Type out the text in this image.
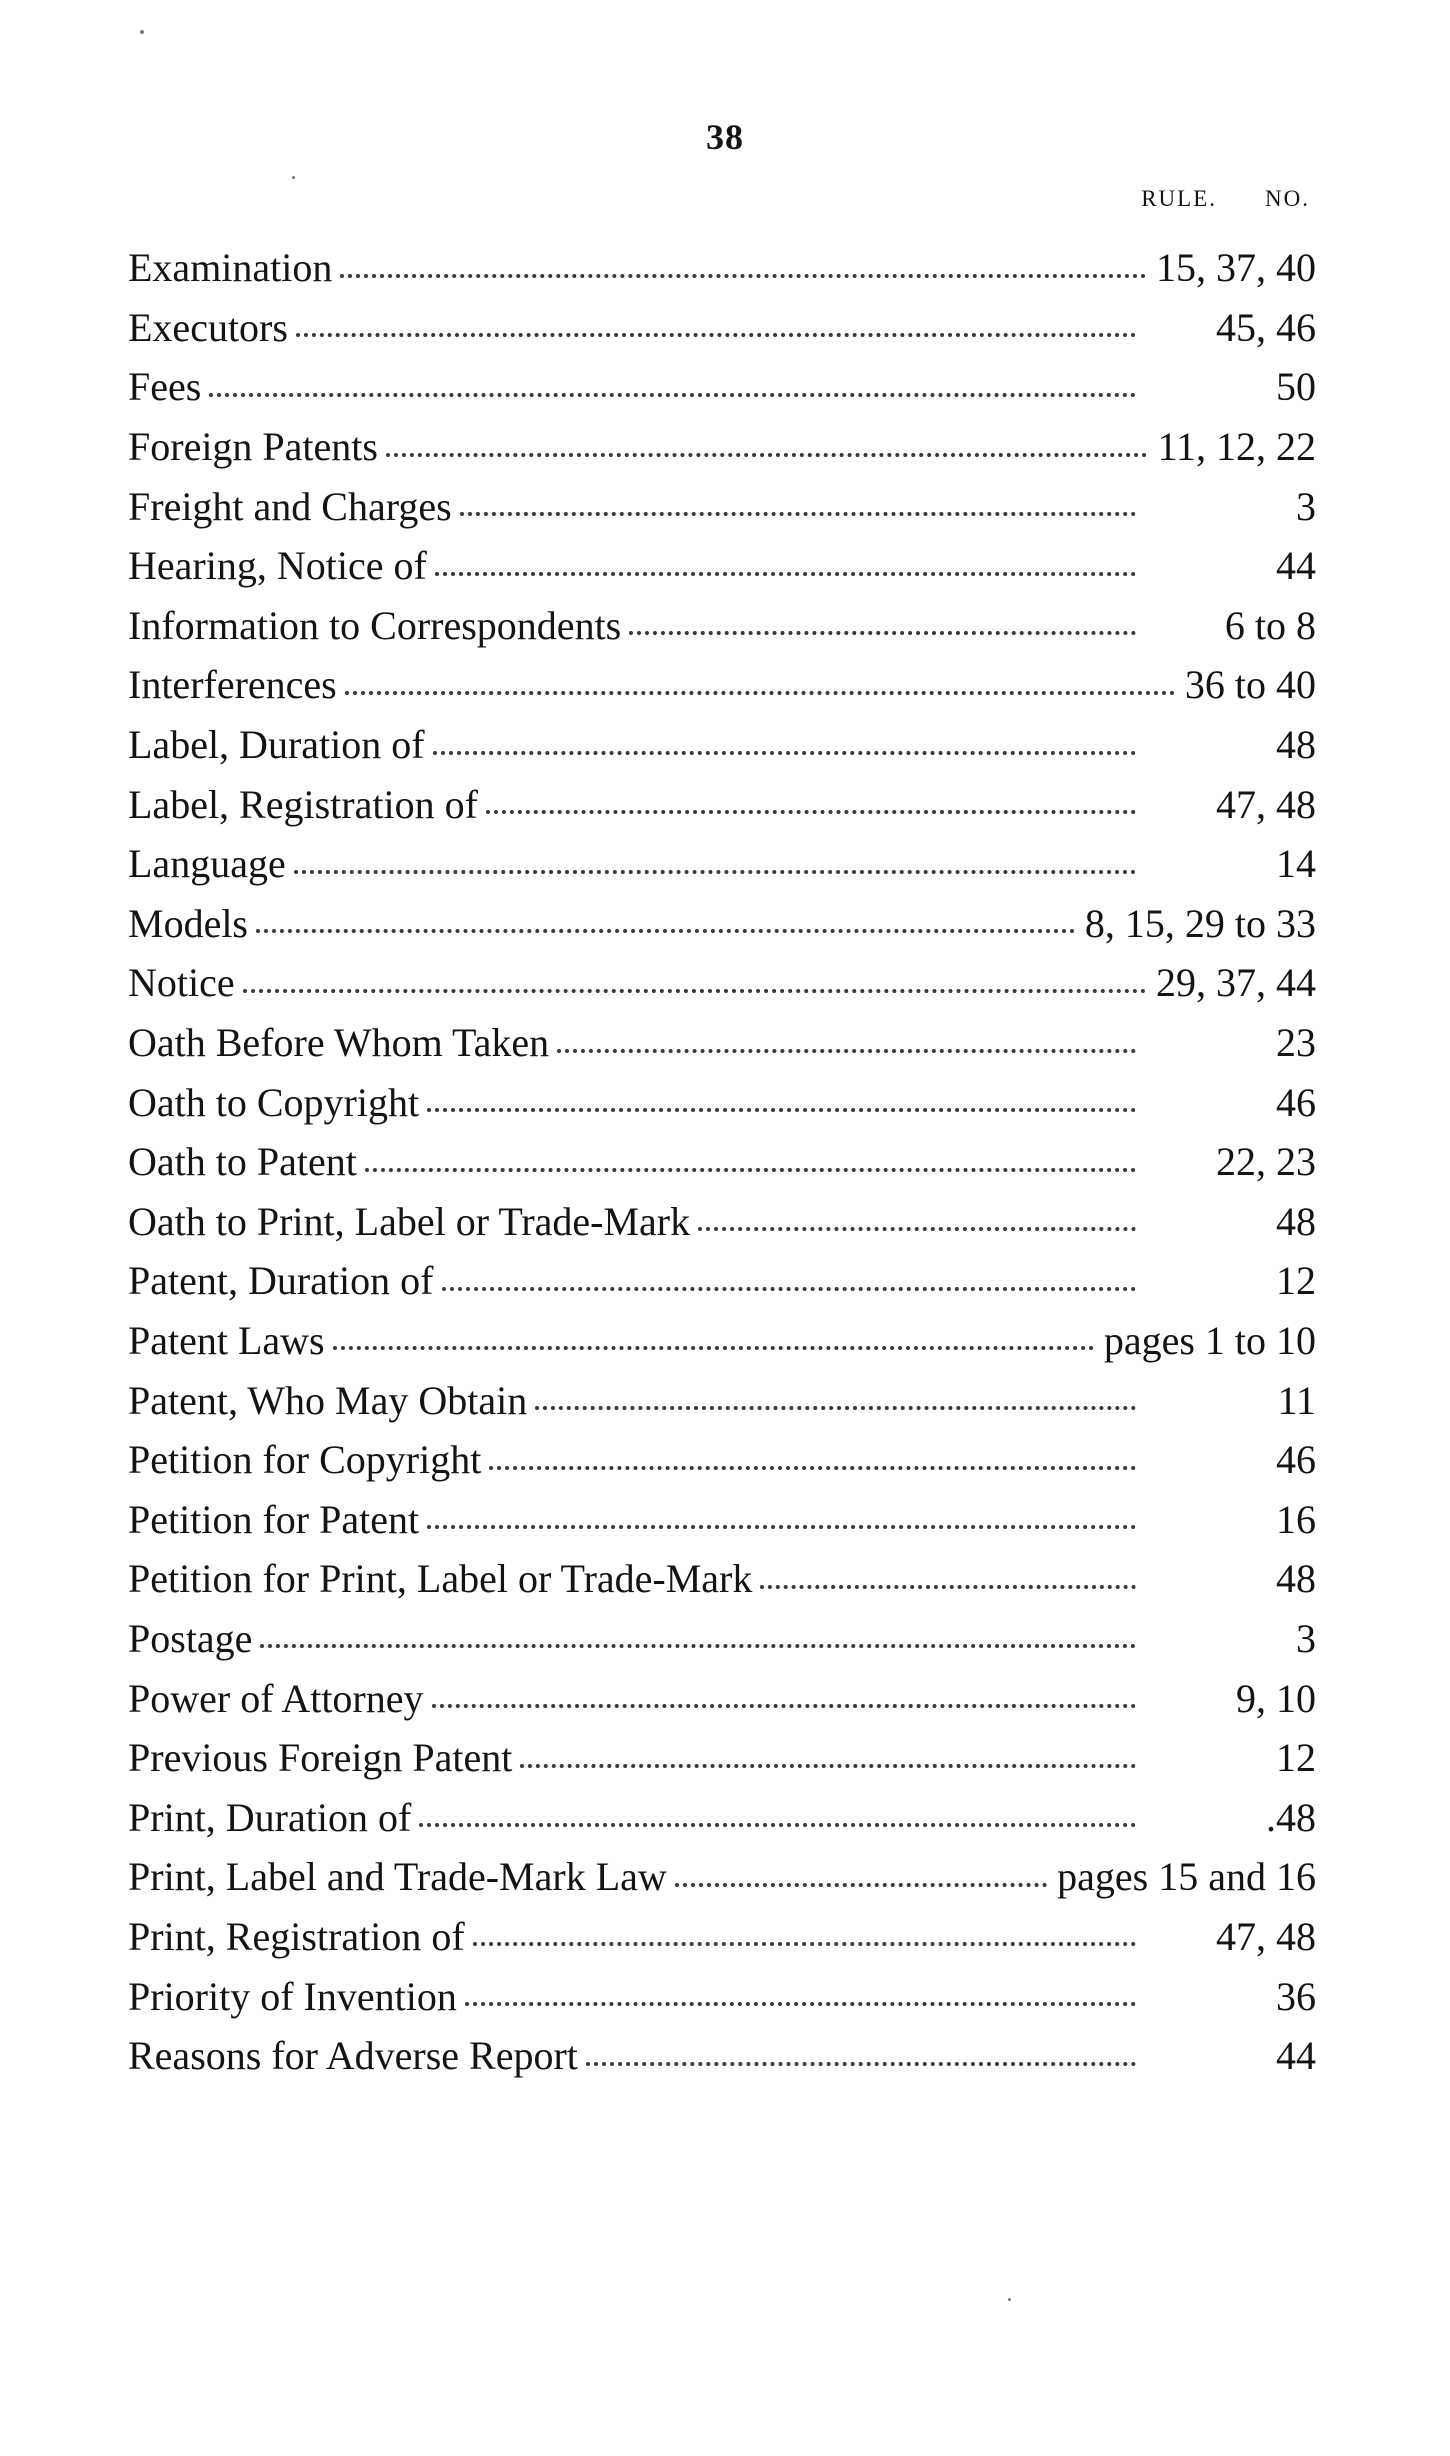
38
RULE. NO.
Examination	15, 37, 40
Executors	45, 46
Fees	50
Foreign Patents	11, 12, 22
Freight and Charges	3
Hearing, Notice of	44
Information to Correspondents	6 to 8
Interferences	36 to 40
Label, Duration of	48
Label, Registration of	47, 48
Language	14
Models	8, 15, 29 to 33
Notice	29, 37, 44
Oath Before Whom Taken	23
Oath to Copyright	46
Oath to Patent	22, 23
Oath to Print, Label or Trade-Mark	48
Patent, Duration of	12
Patent Laws	pages 1 to 10
Patent, Who May Obtain	11
Petition for Copyright	46
Petition for Patent	16
Petition for Print, Label or Trade-Mark	48
Postage	3
Power of Attorney	9, 10
Previous Foreign Patent	12
Print, Duration of	.48
Print, Label and Trade-Mark Law	pages 15 and 16
Print, Registration of	47, 48
Priority of Invention	36
Reasons for Adverse Report	44
